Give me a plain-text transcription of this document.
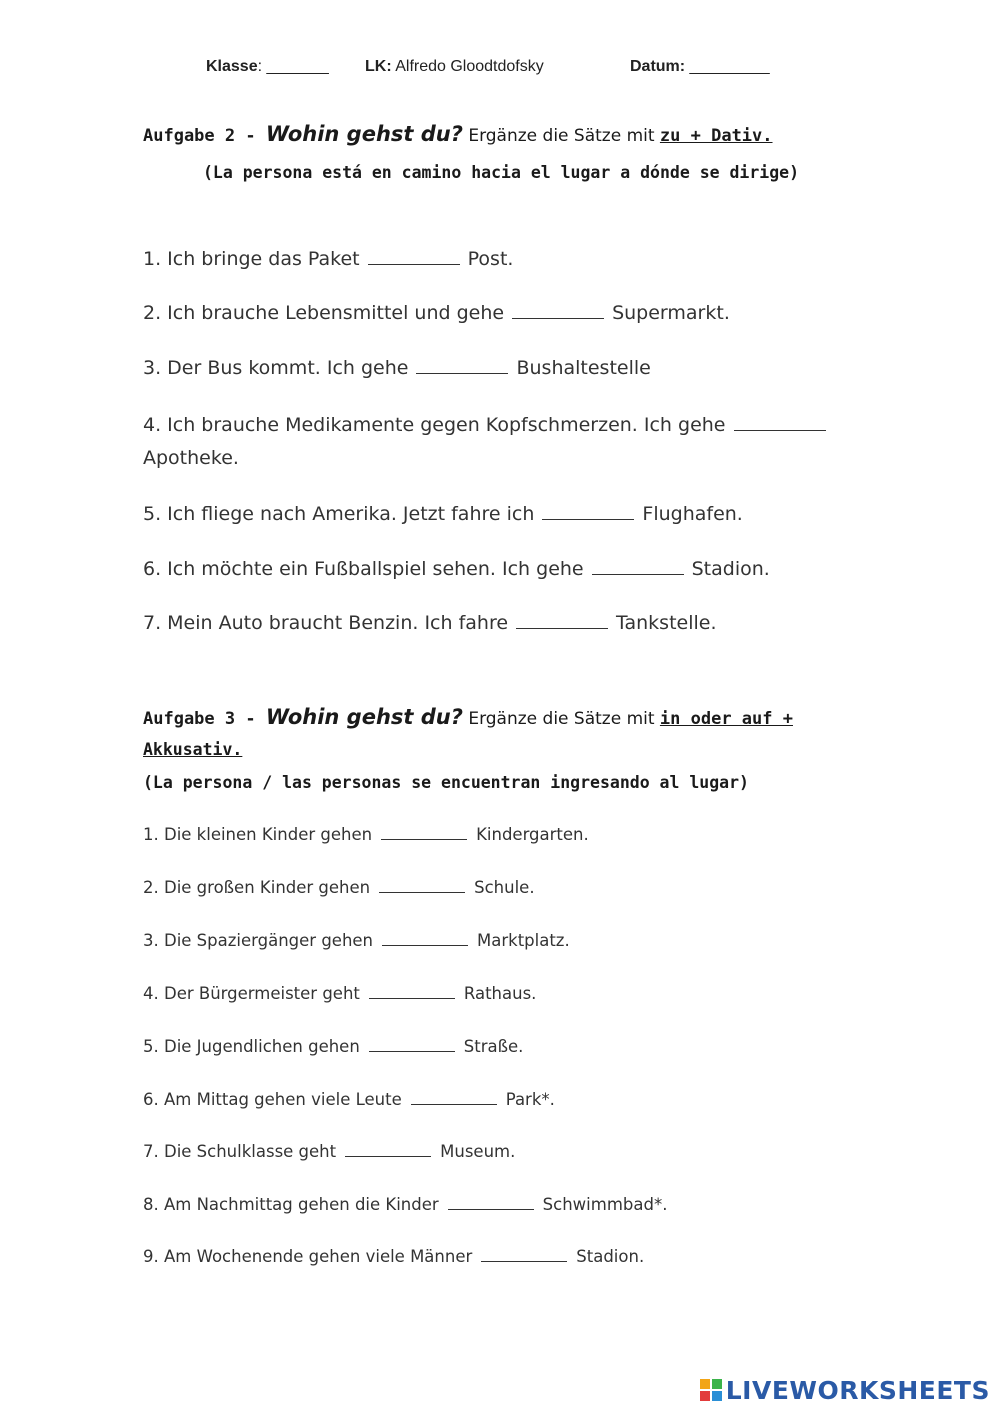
Klasse: _______ LK: Alfredo Gloodtdofsky	Datum: _________
Aufgabe 2 - Wohin gehst du? Ergänze die Sätze mit zu + Dativ.
(La persona está en camino hacia el lugar a dónde se dirige)
1. Ich bringe das Paket	Post.
2. Ich brauche Lebensmittel und gehe	Supermarkt.
3. Der Bus kommt. Ich gehe	Bushaltestelle
4. Ich brauche Medikamente gegen Kopfschmerzen. Ich gehe
Apotheke.
5. Ich fliege nach Amerika. Jetzt fahre ich	Flughafen.
6. Ich möchte ein Fußballspiel sehen. Ich gehe	Stadion.
7. Mein Auto braucht Benzin. Ich fahre	Tankstelle.
Aufgabe 3 - Wohin gehst du? Ergänze die Sätze mit in oder auf +
Akkusativ.
(La persona / las personas se encuentran ingresando al lugar)
1. Die kleinen Kinder gehen	Kindergarten.
2. Die großen Kinder gehen	Schule.
3. Die Spaziergänger gehen	Marktplatz.
4. Der Bürgermeister geht	Rathaus.
5. Die Jugendlichen gehen	Straße.
6. Am Mittag gehen viele Leute	Park*.
7. Die Schulklasse geht	Museum.
8. Am Nachmittag gehen die Kinder	Schwimmbad*.
9. Am Wochenende gehen viele Männer	Stadion.
LIVEWORKSHEETS
